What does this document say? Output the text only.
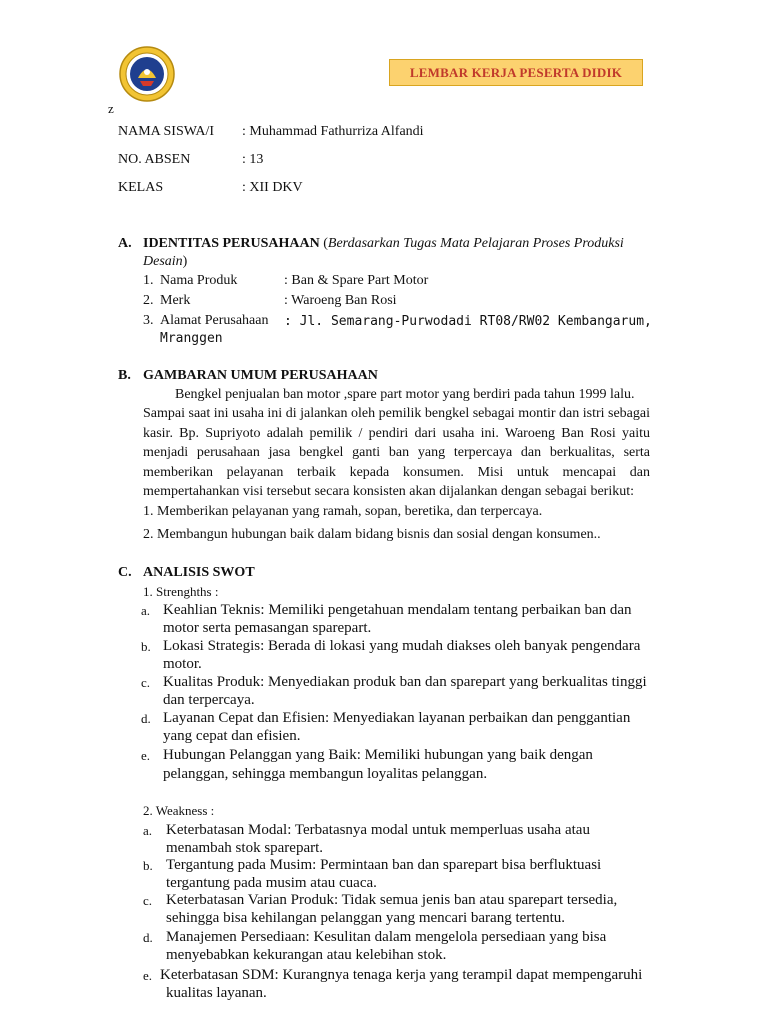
LEMBAR KERJA PESERTA DIDIK
z
NAMA SISWA/I : Muhammad Fathurriza Alfandi
NO. ABSEN	: 13
KELAS	: XII DKV
A. IDENTITAS PERUSAHAAN (Berdasarkan Tugas Mata Pelajaran Proses Produksi
Desain)
1. Nama Produk	: Ban & Spare Part Motor
2. Merk	: Waroeng Ban Rosi
3. Alamat Perusahaan : Jl. Semarang-Purwodadi RT08/RW02 Kembangarum,
Mranggen
B. GAMBARAN UMUM PERUSAHAAN
Bengkel penjualan ban motor ,spare part motor yang berdiri pada tahun 1999 lalu.

Sampai saat ini usaha ini di jalankan oleh pemilik bengkel sebagai montir dan istri sebagai

kasir. Bp. Supriyoto adalah pemilik / pendiri dari usaha ini. Waroeng Ban Rosi yaitu

menjadi perusahaan jasa bengkel ganti ban yang terpercaya dan berkualitas, serta

memberikan pelayanan terbaik kepada konsumen. Misi untuk mencapai dan

mempertahankan visi tersebut secara konsisten akan dijalankan dengan sebagai berikut:

1. Memberikan pelayanan yang ramah, sopan, beretika, dan terpercaya.
2. Membangun hubungan baik dalam bidang bisnis dan sosial dengan konsumen..
C. ANALISIS SWOT
1. Strenghths :
a. Keahlian Teknis: Memiliki pengetahuan mendalam tentang perbaikan ban dan
motor serta pemasangan sparepart.
b. Lokasi Strategis: Berada di lokasi yang mudah diakses oleh banyak pengendara
motor.
c. Kualitas Produk: Menyediakan produk ban dan sparepart yang berkualitas tinggi
dan terpercaya.
d. Layanan Cepat dan Efisien: Menyediakan layanan perbaikan dan penggantian
yang cepat dan efisien.
e. Hubungan Pelanggan yang Baik: Memiliki hubungan yang baik dengan
pelanggan, sehingga membangun loyalitas pelanggan.
2. Weakness :
a. Keterbatasan Modal: Terbatasnya modal untuk memperluas usaha atau
menambah stok sparepart.
b. Tergantung pada Musim: Permintaan ban dan sparepart bisa berfluktuasi
tergantung pada musim atau cuaca.
c. Keterbatasan Varian Produk: Tidak semua jenis ban atau sparepart tersedia,
sehingga bisa kehilangan pelanggan yang mencari barang tertentu.
d. Manajemen Persediaan: Kesulitan dalam mengelola persediaan yang bisa
menyebabkan kekurangan atau kelebihan stok.
e. Keterbatasan SDM: Kurangnya tenaga kerja yang terampil dapat mempengaruhi
kualitas layanan.
